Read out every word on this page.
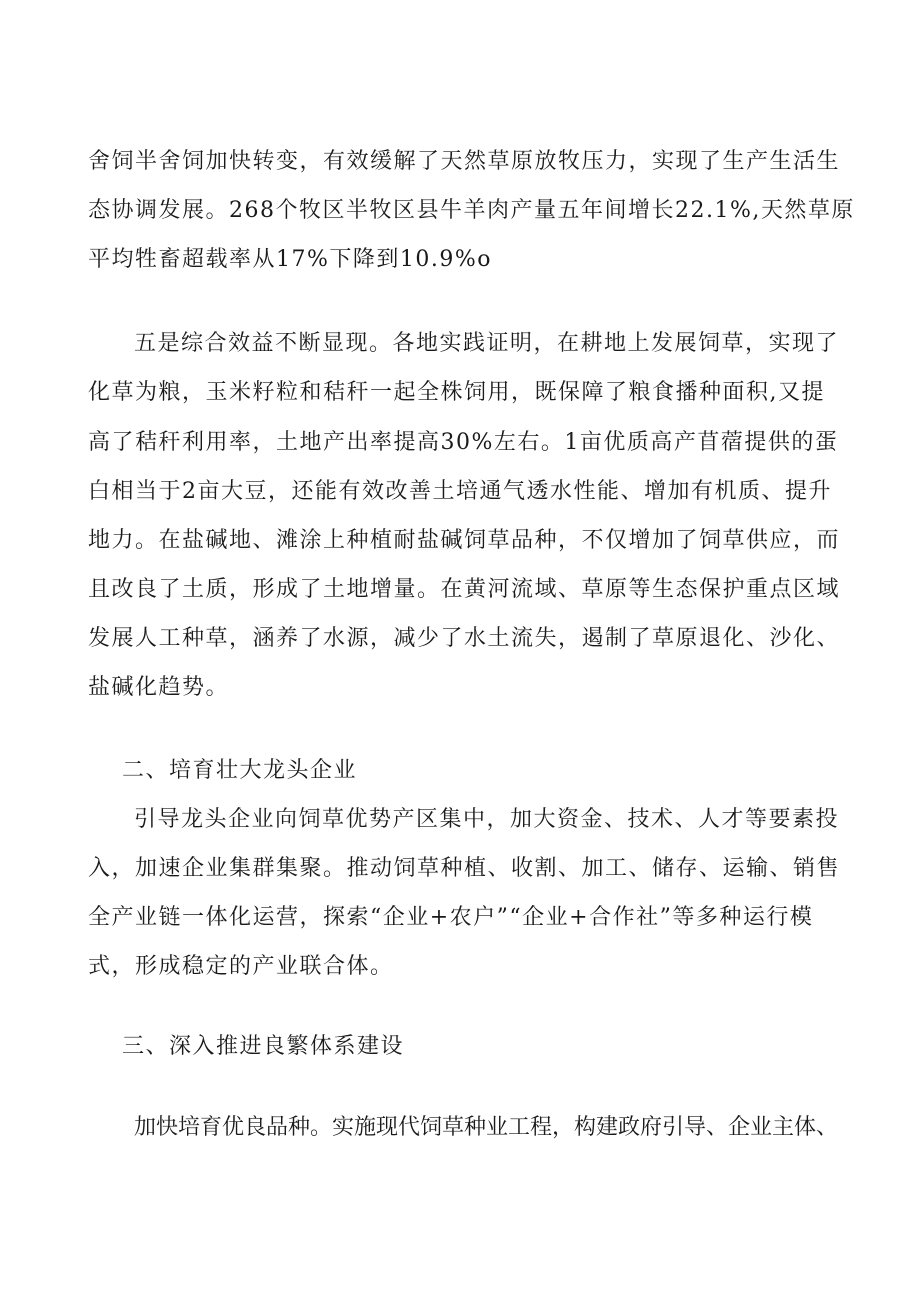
舍饲半舍饲加快转变，有效缓解了天然草原放牧压力，实现了生产生活生
态协调发展。268个牧区半牧区县牛羊肉产量五年间增长22.1%,天然草原
平均牲畜超载率从17%下降到10.9%o
五是综合效益不断显现。各地实践证明，在耕地上发展饲草，实现了
化草为粮，玉米籽粒和秸秆一起全株饲用，既保障了粮食播种面积,又提
高了秸秆利用率，土地产出率提高30%左右。1亩优质高产苜蓿提供的蛋
白相当于2亩大豆，还能有效改善土培通气透水性能、增加有机质、提升
地力。在盐碱地、滩涂上种植耐盐碱饲草品种，不仅增加了饲草供应，而
且改良了土质，形成了土地增量。在黄河流域、草原等生态保护重点区域
发展人工种草，涵养了水源，减少了水土流失，遏制了草原退化、沙化、
盐碱化趋势。
二、培育壮大龙头企业
引导龙头企业向饲草优势产区集中，加大资金、技术、人才等要素投
入，加速企业集群集聚。推动饲草种植、收割、加工、储存、运输、销售
全产业链一体化运营，探索“企业+农户”“企业+合作社”等多种运行模
式，形成稳定的产业联合体。
三、深入推进良繁体系建设
加快培育优良品种。实施现代饲草种业工程，构建政府引导、企业主体、
